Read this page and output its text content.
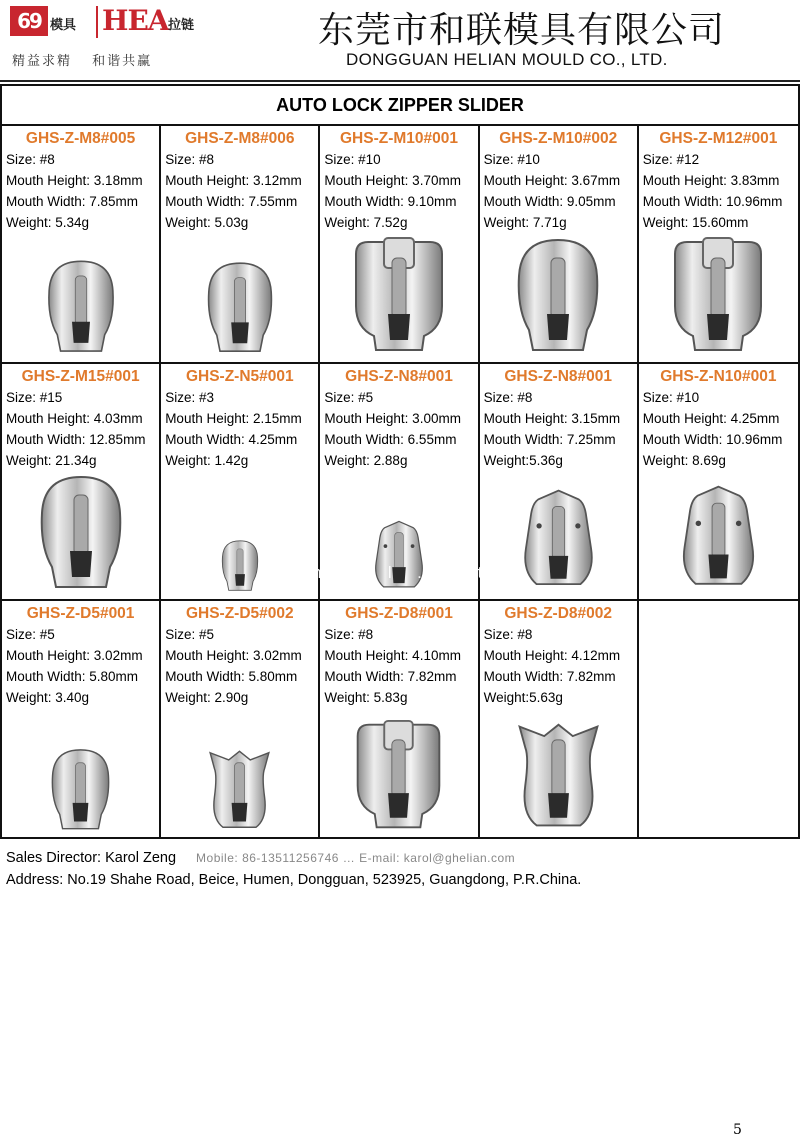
69 模具 HEA 拉链
精益求精 和谐共赢
东莞市和联模具有限公司
DONGGUAN HELIAN MOULD CO., LTD.
AUTO LOCK ZIPPER SLIDER
GHS-Z-M8#005
Size: #8
Mouth Height: 3.18mm
Mouth Width: 7.85mm
Weight: 5.34g
GHS-Z-M8#006
Size: #8
Mouth Height: 3.12mm
Mouth Width: 7.55mm
Weight: 5.03g
GHS-Z-M10#001
Size: #10
Mouth Height: 3.70mm
Mouth Width: 9.10mm
Weight: 7.52g
GHS-Z-M10#002
Size: #10
Mouth Height: 3.67mm
Mouth Width: 9.05mm
Weight: 7.71g
GHS-Z-M12#001
Size: #12
Mouth Height: 3.83mm
Mouth Width: 10.96mm
Weight: 15.60mm
GHS-Z-M15#001
Size: #15
Mouth Height: 4.03mm
Mouth Width: 12.85mm
Weight: 21.34g
GHS-Z-N5#001
Size: #3
Mouth Height: 2.15mm
Mouth Width: 4.25mm
Weight: 1.42g
GHS-Z-N8#001
Size: #5
Mouth Height: 3.00mm
Mouth Width: 6.55mm
Weight: 2.88g
GHS-Z-N8#001
Size: #8
Mouth Height: 3.15mm
Mouth Width: 7.25mm
Weight:5.36g
GHS-Z-N10#001
Size: #10
Mouth Height: 4.25mm
Mouth Width: 10.96mm
Weight: 8.69g
GHS-Z-D5#001
Size: #5
Mouth Height: 3.02mm
Mouth Width: 5.80mm
Weight: 3.40g
GHS-Z-D5#002
Size: #5
Mouth Height: 3.02mm
Mouth Width: 5.80mm
Weight: 2.90g
GHS-Z-D8#001
Size: #8
Mouth Height: 4.10mm
Mouth Width: 7.82mm
Weight: 5.83g
GHS-Z-D8#002
Size: #8
Mouth Height: 4.12mm
Mouth Width: 7.82mm
Weight:5.63g
n … l … Ltd
Sales Director: Karol Zeng Mobile: 86-13511256746 … E-mail: karol@ghelian.com
Address: No.19 Shahe Road, Beice, Humen, Dongguan, 523925, Guangdong, P.R.China.
5
